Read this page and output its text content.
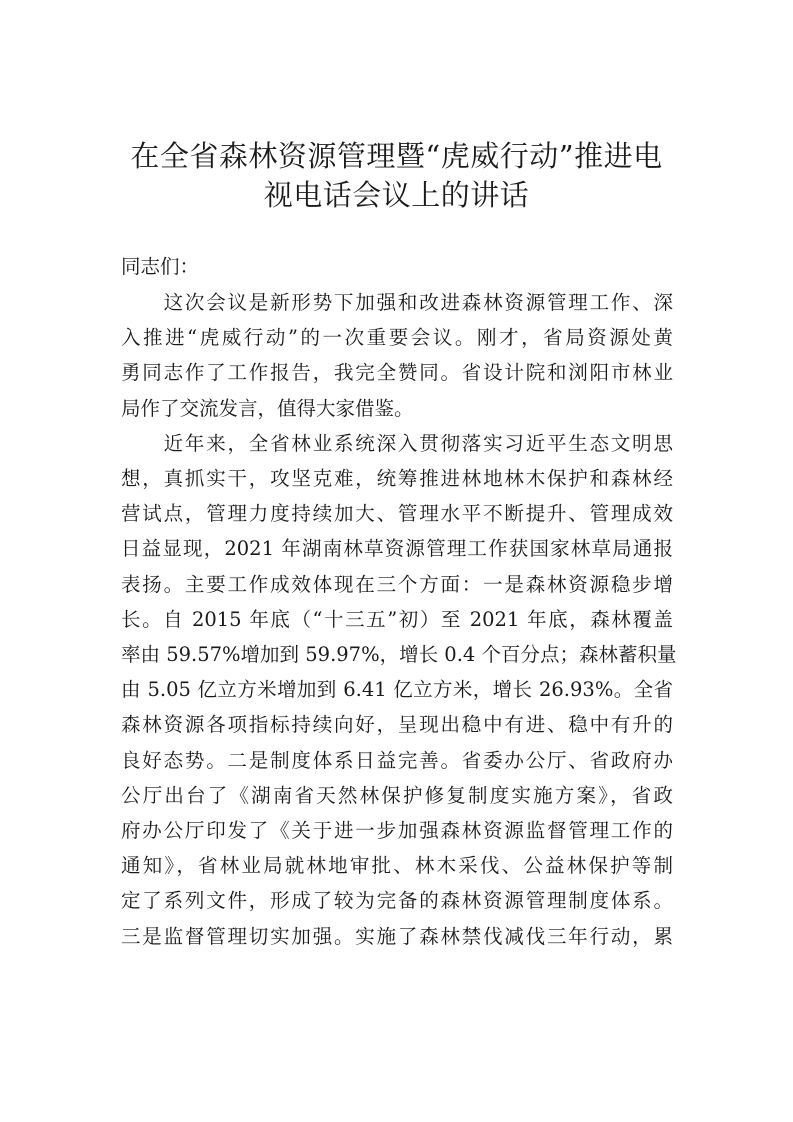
在全省森林资源管理暨“虎威行动”推进电
视电话会议上的讲话
同志们：
　　这次会议是新形势下加强和改进森林资源管理工作、深
入推进“虎威行动”的一次重要会议。刚才，省局资源处黄
勇同志作了工作报告，我完全赞同。省设计院和浏阳市林业
局作了交流发言，值得大家借鉴。
　　近年来，全省林业系统深入贯彻落实习近平生态文明思
想，真抓实干，攻坚克难，统筹推进林地林木保护和森林经
营试点，管理力度持续加大、管理水平不断提升、管理成效
日益显现，2021 年湖南林草资源管理工作获国家林草局通报
表扬。主要工作成效体现在三个方面：一是森林资源稳步增
长。自 2015 年底（“十三五”初）至 2021 年底，森林覆盖
率由 59.57%增加到 59.97%，增长 0.4 个百分点；森林蓄积量
由 5.05 亿立方米增加到 6.41 亿立方米，增长 26.93%。全省
森林资源各项指标持续向好，呈现出稳中有进、稳中有升的
良好态势。二是制度体系日益完善。省委办公厅、省政府办
公厅出台了《湖南省天然林保护修复制度实施方案》，省政
府办公厅印发了《关于进一步加强森林资源监督管理工作的
通知》，省林业局就林地审批、林木采伐、公益林保护等制
定了系列文件，形成了较为完备的森林资源管理制度体系。
三是监督管理切实加强。实施了森林禁伐减伐三年行动，累
